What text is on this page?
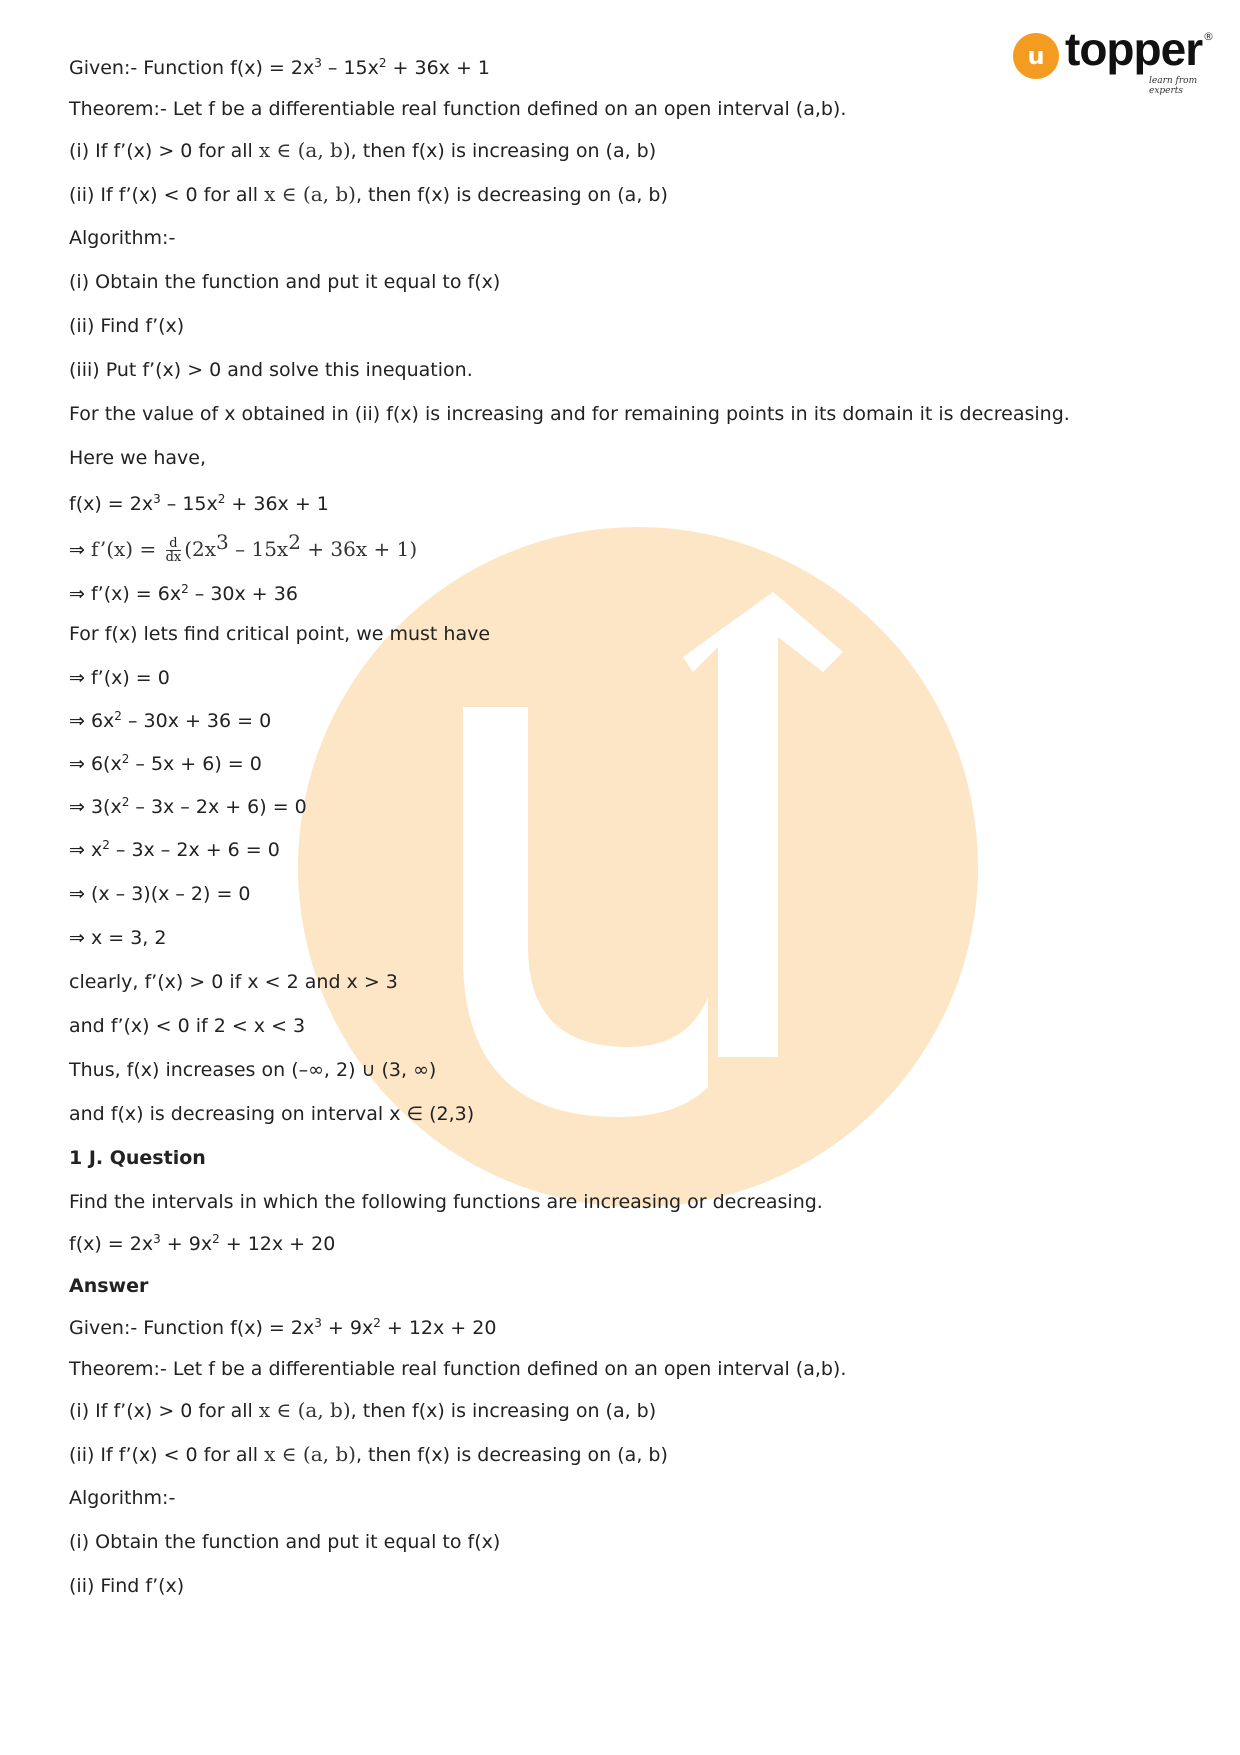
u topper ®
learn from experts
Given:- Function $f(x) = 2x^3 - 15x^2 + 36x + 1$
Theorem:- Let f be a differentiable real function defined on an open interval (a,b).
(i) If f’(x) > 0 for all x ∈ (a, b), then f(x) is increasing on (a, b)
(ii) If f’(x) < 0 for all x ∈ (a, b), then f(x) is decreasing on (a, b)
Algorithm:-
(i) Obtain the function and put it equal to f(x)
(ii) Find f’(x)
(iii) Put f’(x) > 0 and solve this inequation.
For the value of x obtained in (ii) f(x) is increasing and for remaining points in its domain it is decreasing.
Here we have,
$f(x) = 2x^3 - 15x^2 + 36x + 1$
⇒ f’(x) = $\frac{d}{dx} (2x^3 - 15x^2 + 36x + 1)$
⇒ f’(x) = $6x^2 - 30x + 36$
For f(x) lets find critical point, we must have
⇒ f’(x) = 0
⇒ $6x^2 - 30x + 36 = 0$
⇒ $6(x^2 - 5x + 6) = 0$
⇒ $3(x^2 - 3x - 2x + 6) = 0$
⇒ $x^2 - 3x - 2x + 6 = 0$
⇒ (x – 3)(x – 2) = 0
⇒ x = 3, 2
clearly, f’(x) > 0 if x < 2 and x > 3
and f’(x) < 0 if 2 < x < 3
Thus, f(x) increases on (–∞, 2) ∪ (3, ∞)
and f(x) is decreasing on interval x ∈ (2,3)
1 J. Question
Find the intervals in which the following functions are increasing or decreasing.
$f(x) = 2x^3 + 9x^2 + 12x + 20$
Answer
Given:- Function $f(x) = 2x^3 + 9x^2 + 12x + 20$
Theorem:- Let f be a differentiable real function defined on an open interval (a,b).
(i) If f’(x) > 0 for all x ∈ (a, b), then f(x) is increasing on (a, b)
(ii) If f’(x) < 0 for all x ∈ (a, b), then f(x) is decreasing on (a, b)
Algorithm:-
(i) Obtain the function and put it equal to f(x)
(ii) Find f’(x)
